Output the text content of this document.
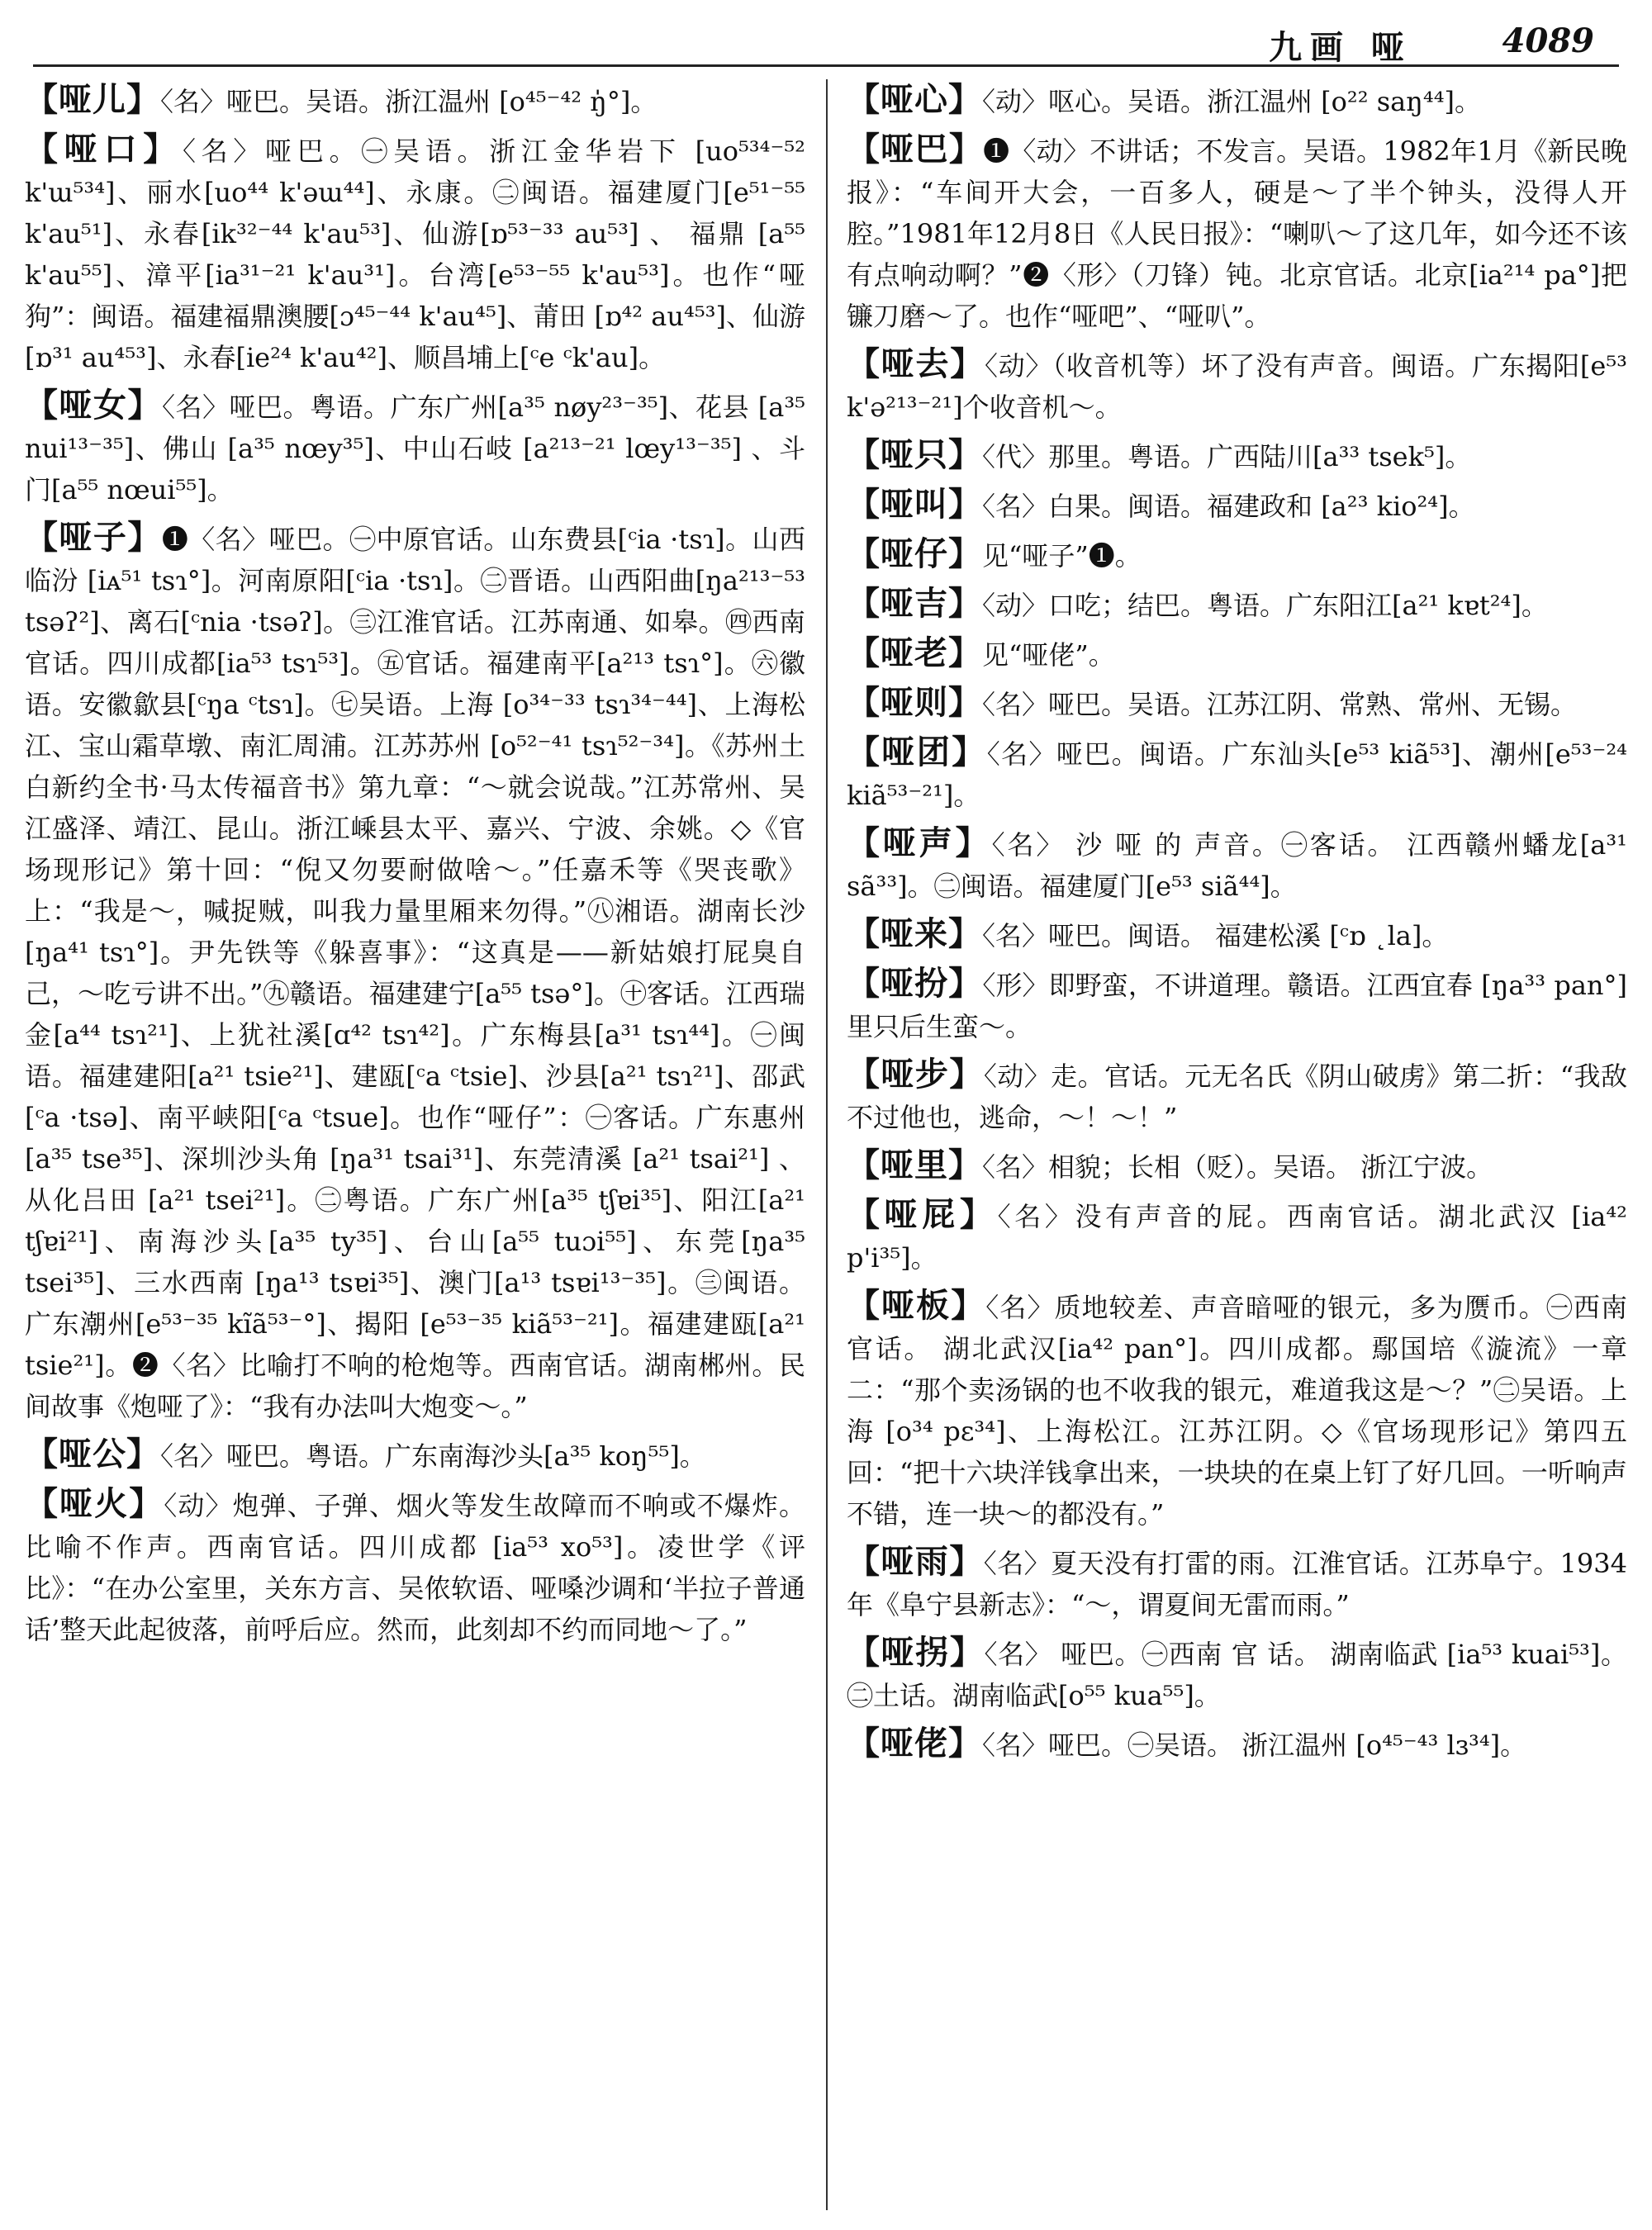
九画 哑	4089

【哑儿】〈名〉哑巴。吴语。浙江温州 [o⁴⁵⁻⁴² ŋ̍°]。

【哑口】〈名〉哑巴。㊀吴语。浙江金华岩下 [uo⁵³⁴⁻⁵² k'ɯ⁵³⁴]、丽水[uo⁴⁴ k'əɯ⁴⁴]、永康。㊁闽语。福建厦门[e⁵¹⁻⁵⁵ k'au⁵¹]、永春[ik³²⁻⁴⁴ k'au⁵³]、仙游[ɒ⁵³⁻³³ au⁵³] 、 福鼎 [a⁵⁵ k'au⁵⁵]、漳平[ia³¹⁻²¹ k'au³¹]。台湾[e⁵³⁻⁵⁵ k'au⁵³]。也作“哑狗”：闽语。福建福鼎澳腰[ɔ⁴⁵⁻⁴⁴ k'au⁴⁵]、莆田 [ɒ⁴² au⁴⁵³]、仙游 [ɒ³¹ au⁴⁵³]、永春[ie²⁴ k'au⁴²]、顺昌埔上[ᶜe ᶜk'au]。

【哑女】〈名〉哑巴。粤语。广东广州[a³⁵ nøy²³⁻³⁵]、花县 [a³⁵ nui¹³⁻³⁵]、佛山 [a³⁵ nœy³⁵]、中山石岐 [a²¹³⁻²¹ lœy¹³⁻³⁵] 、斗门[a⁵⁵ nœui⁵⁵]。

【哑子】❶〈名〉哑巴。㊀中原官话。山东费县[ᶜia ·tsɿ]。山西临汾 [iᴀ⁵¹ tsɿ°]。河南原阳[ᶜia ·tsɿ]。㊁晋语。山西阳曲[ŋa²¹³⁻⁵³ tsəʔ²]、离石[ᶜnia ·tsəʔ]。㊂江淮官话。江苏南通、如皋。㊃西南官话。四川成都[ia⁵³ tsɿ⁵³]。㊄官话。福建南平[a²¹³ tsɿ°]。㊅徽语。安徽歙县[ᶜŋa ᶜtsɿ]。㊆吴语。上海 [o³⁴⁻³³ tsɿ³⁴⁻⁴⁴]、上海松江、宝山霜草墩、南汇周浦。江苏苏州 [o⁵²⁻⁴¹ tsɿ⁵²⁻³⁴]。《苏州土白新约全书·马太传福音书》第九章：“～就会说哉。”江苏常州、吴江盛泽、靖江、昆山。浙江嵊县太平、嘉兴、宁波、余姚。◇《官场现形记》第十回：“倪又勿要耐做啥～。”任嘉禾等《哭丧歌》上：“我是～，喊捉贼，叫我力量里厢来勿得。”㊇湘语。湖南长沙[ŋa⁴¹ tsɿ°]。尹先铁等《躲喜事》：“这真是——新姑娘打屁臭自己，～吃亏讲不出。”㊈赣语。福建建宁[a⁵⁵ tsə°]。㊉客话。江西瑞金[a⁴⁴ tsɿ²¹]、上犹社溪[ɑ⁴² tsɿ⁴²]。广东梅县[a³¹ tsɿ⁴⁴]。㊀闽语。福建建阳[a²¹ tsie²¹]、建瓯[ᶜa ᶜtsie]、沙县[a²¹ tsɿ²¹]、邵武[ᶜa ·tsə]、南平峡阳[ᶜa ᶜtsue]。也作“哑仔”：㊀客话。广东惠州[a³⁵ tse³⁵]、深圳沙头角 [ŋa³¹ tsai³¹]、东莞清溪 [a²¹ tsai²¹] 、从化吕田 [a²¹ tsei²¹]。㊁粤语。广东广州[a³⁵ tʃɐi³⁵]、阳江[a²¹ tʃɐi²¹]、南海沙头[a³⁵ ty³⁵]、台山[a⁵⁵ tuɔi⁵⁵]、东莞[ŋa³⁵ tsei³⁵]、三水西南 [ŋa¹³ tsɐi³⁵]、澳门[a¹³ tsɐi¹³⁻³⁵]。㊂闽语。广东潮州[e⁵³⁻³⁵ kĩã⁵³⁻°]、揭阳 [e⁵³⁻³⁵ kiã⁵³⁻²¹]。福建建瓯[a²¹ tsie²¹]。❷〈名〉比喻打不响的枪炮等。西南官话。湖南郴州。民间故事《炮哑了》：“我有办法叫大炮变～。”

【哑公】〈名〉哑巴。粤语。广东南海沙头[a³⁵ koŋ⁵⁵]。

【哑火】〈动〉炮弹、子弹、烟火等发生故障而不响或不爆炸。比喻不作声。西南官话。四川成都 [ia⁵³ xo⁵³]。凌世学《评比》：“在办公室里，关东方言、吴侬软语、哑嗓沙调和‘半拉子普通话’整天此起彼落，前呼后应。然而，此刻却不约而同地～了。”

【哑心】〈动〉呕心。吴语。浙江温州 [o²² saŋ⁴⁴]。

【哑巴】❶〈动〉不讲话；不发言。吴语。1982年1月《新民晚报》：“车间开大会，一百多人，硬是～了半个钟头，没得人开腔。”1981年12月8日《人民日报》：“喇叭～了这几年，如今还不该有点响动啊？”❷〈形〉（刀锋）钝。北京官话。北京[ia²¹⁴ pa°]把镰刀磨～了。也作“哑吧”、“哑叭”。

【哑去】〈动〉（收音机等）坏了没有声音。闽语。广东揭阳[e⁵³ k'ə²¹³⁻²¹]个收音机～。

【哑只】〈代〉那里。粤语。广西陆川[a³³ tsek⁵]。

【哑叫】〈名〉白果。闽语。福建政和 [a²³ kio²⁴]。

【哑仔】见“哑子”❶。

【哑吉】〈动〉口吃；结巴。粤语。广东阳江[a²¹ kɐt²⁴]。

【哑老】见“哑佬”。

【哑则】〈名〉哑巴。吴语。江苏江阴、常熟、常州、无锡。

【哑团】〈名〉哑巴。闽语。广东汕头[e⁵³ kiã⁵³]、潮州[e⁵³⁻²⁴ kiã⁵³⁻²¹]。

【哑声】〈名〉 沙 哑 的 声音。㊀客话。 江西赣州蟠龙[a³¹ sã³³]。㊁闽语。福建厦门[e⁵³ siã⁴⁴]。

【哑来】〈名〉哑巴。闽语。 福建松溪 [ᶜɒ ˛la]。

【哑扮】〈形〉即野蛮，不讲道理。赣语。江西宜春 [ŋa³³ pan°] 里只后生蛮～。

【哑步】〈动〉走。官话。元无名氏《阴山破虏》第二折：“我敌不过他也，逃命，～！～！”

【哑里】〈名〉相貌；长相（贬）。吴语。 浙江宁波。

【哑屁】〈名〉没有声音的屁。西南官话。湖北武汉 [ia⁴² p'i³⁵]。

【哑板】〈名〉质地较差、声音暗哑的银元，多为赝币。㊀西南官话。 湖北武汉[ia⁴² pan°]。四川成都。鄢国培《漩流》一章二：“那个卖汤锅的也不收我的银元，难道我这是～？”㊁吴语。上海 [o³⁴ pɛ³⁴]、上海松江。江苏江阴。◇《官场现形记》第四五回：“把十六块洋钱拿出来，一块块的在桌上钉了好几回。一听响声不错，连一块～的都没有。”

【哑雨】〈名〉夏天没有打雷的雨。江淮官话。江苏阜宁。1934年《阜宁县新志》：“～，谓夏间无雷而雨。”

【哑拐】〈名〉 哑巴。㊀西南 官 话。 湖南临武 [ia⁵³ kuai⁵³]。㊁土话。湖南临武[o⁵⁵ kua⁵⁵]。

【哑佬】〈名〉哑巴。㊀吴语。 浙江温州 [o⁴⁵⁻⁴³ lɜ³⁴]。
